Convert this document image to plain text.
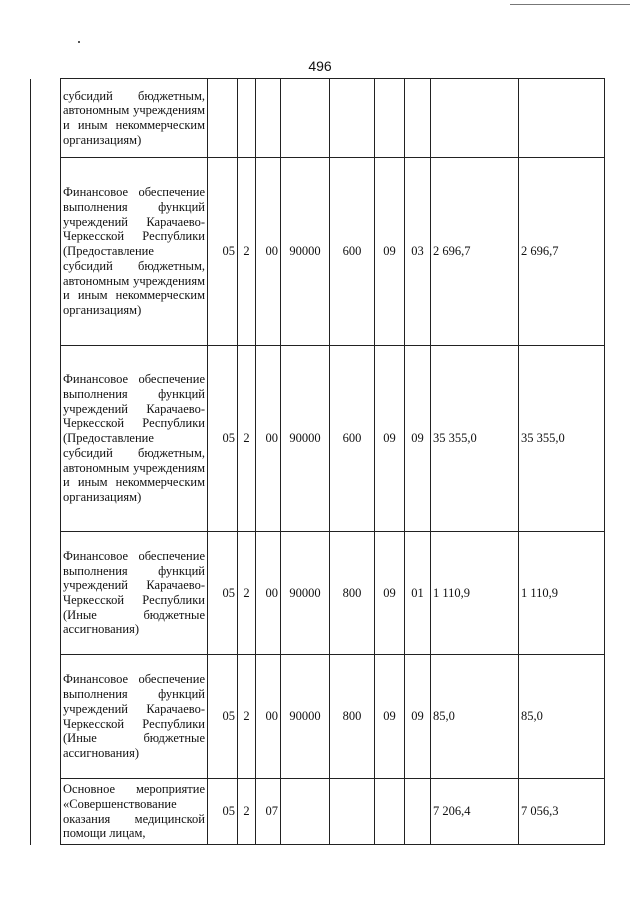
496

	субсидий бюджетным, автономным учреждениям и иным некоммерческим организациям)									

	Финансовое обеспечение выполнения функций учреждений Карачаево-Черкесской Республики (Предоставление субсидий бюджетным, автономным учреждениям и иным некоммерческим организациям)	05	2	00	90000	600	09	03	2 696,7	2 696,7

	Финансовое обеспечение выполнения функций учреждений Карачаево-Черкесской Республики (Предоставление субсидий бюджетным, автономным учреждениям и иным некоммерческим организациям)	05	2	00	90000	600	09	09	35 355,0	35 355,0

	Финансовое обеспечение выполнения функций учреждений Карачаево-Черкесской Республики (Иные бюджетные ассигнования)	05	2	00	90000	800	09	01	1 110,9	1 110,9

	Финансовое обеспечение выполнения функций учреждений Карачаево-Черкесской Республики (Иные бюджетные ассигнования)	05	2	00	90000	800	09	09	85,0	85,0

	Основное мероприятие «Совершенствование оказания медицинской помощи лицам,	05	2	07					7 206,4	7 056,3
